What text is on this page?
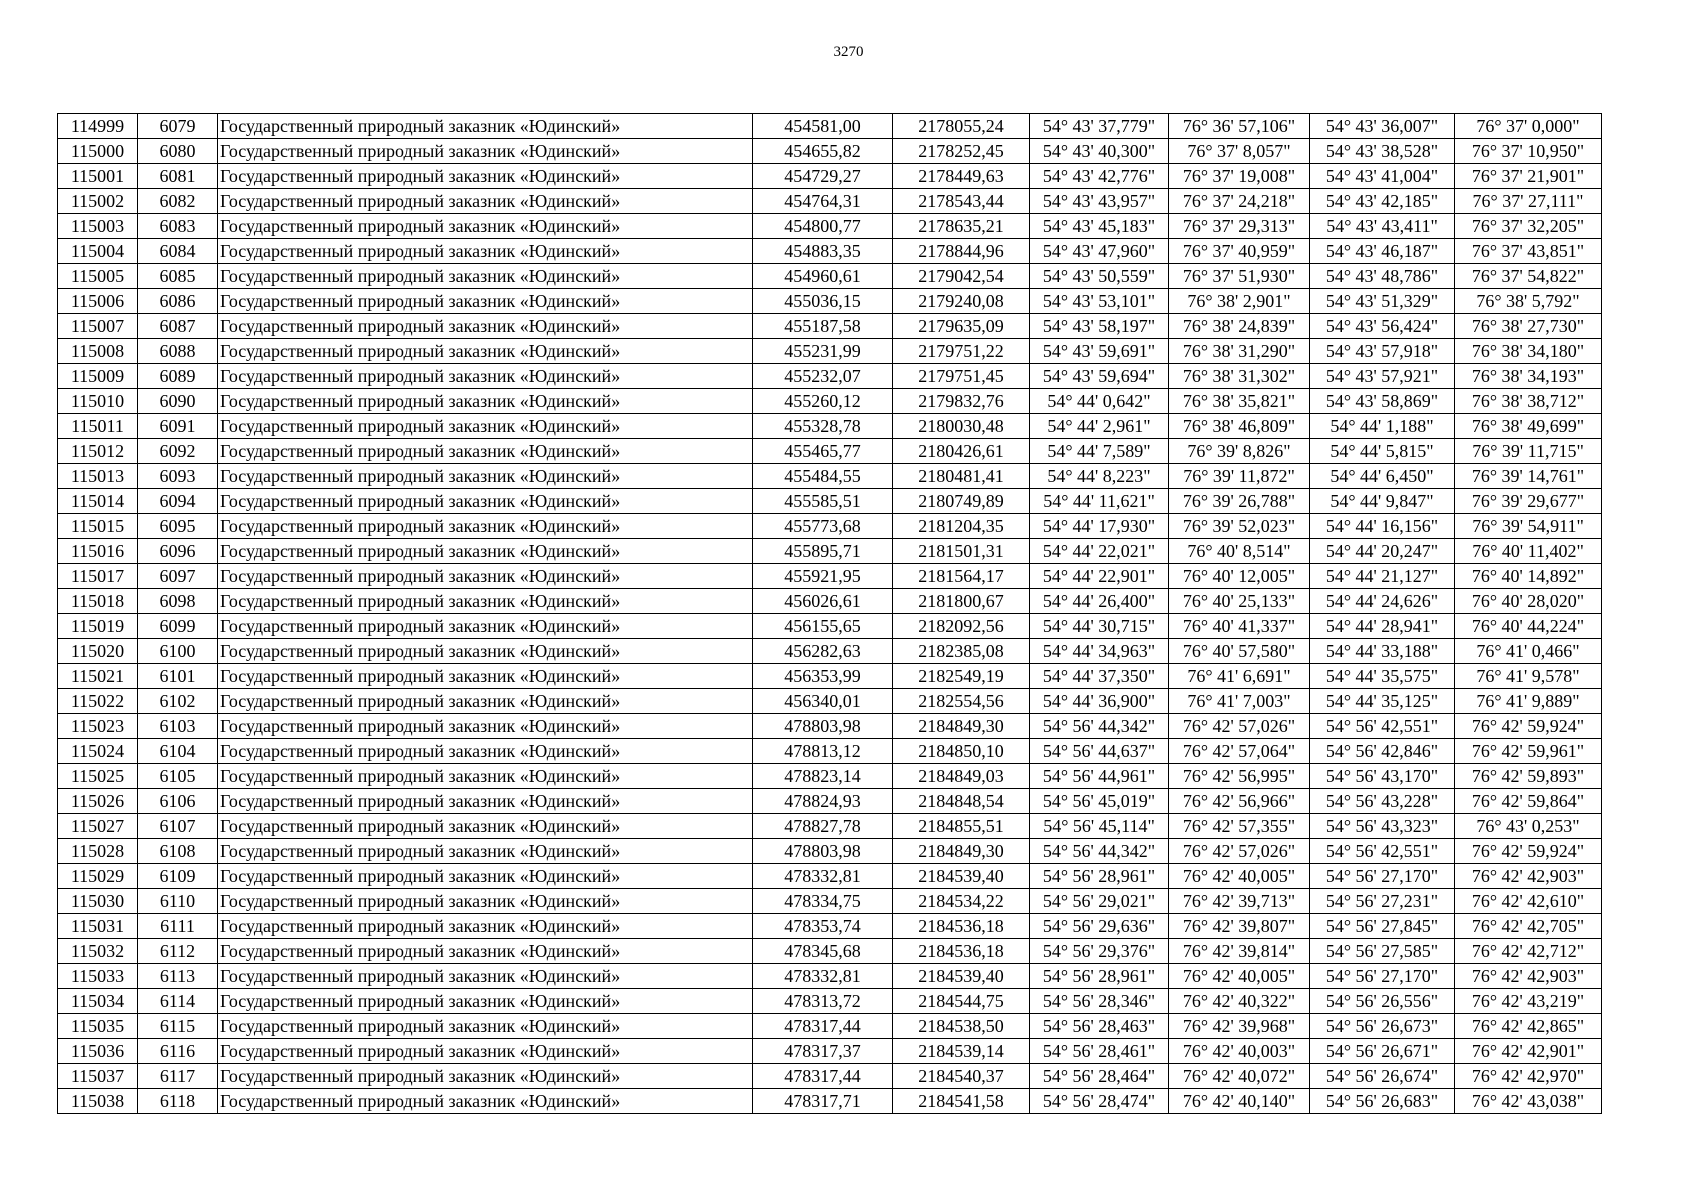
3270
114999	6079	Государственный природный заказник «Юдинский»	454581,00	2178055,24	54° 43' 37,779"	76° 36' 57,106"	54° 43' 36,007"	76° 37' 0,000"
115000	6080	Государственный природный заказник «Юдинский»	454655,82	2178252,45	54° 43' 40,300"	76° 37' 8,057"	54° 43' 38,528"	76° 37' 10,950"
115001	6081	Государственный природный заказник «Юдинский»	454729,27	2178449,63	54° 43' 42,776"	76° 37' 19,008"	54° 43' 41,004"	76° 37' 21,901"
115002	6082	Государственный природный заказник «Юдинский»	454764,31	2178543,44	54° 43' 43,957"	76° 37' 24,218"	54° 43' 42,185"	76° 37' 27,111"
115003	6083	Государственный природный заказник «Юдинский»	454800,77	2178635,21	54° 43' 45,183"	76° 37' 29,313"	54° 43' 43,411"	76° 37' 32,205"
115004	6084	Государственный природный заказник «Юдинский»	454883,35	2178844,96	54° 43' 47,960"	76° 37' 40,959"	54° 43' 46,187"	76° 37' 43,851"
115005	6085	Государственный природный заказник «Юдинский»	454960,61	2179042,54	54° 43' 50,559"	76° 37' 51,930"	54° 43' 48,786"	76° 37' 54,822"
115006	6086	Государственный природный заказник «Юдинский»	455036,15	2179240,08	54° 43' 53,101"	76° 38' 2,901"	54° 43' 51,329"	76° 38' 5,792"
115007	6087	Государственный природный заказник «Юдинский»	455187,58	2179635,09	54° 43' 58,197"	76° 38' 24,839"	54° 43' 56,424"	76° 38' 27,730"
115008	6088	Государственный природный заказник «Юдинский»	455231,99	2179751,22	54° 43' 59,691"	76° 38' 31,290"	54° 43' 57,918"	76° 38' 34,180"
115009	6089	Государственный природный заказник «Юдинский»	455232,07	2179751,45	54° 43' 59,694"	76° 38' 31,302"	54° 43' 57,921"	76° 38' 34,193"
115010	6090	Государственный природный заказник «Юдинский»	455260,12	2179832,76	54° 44' 0,642"	76° 38' 35,821"	54° 43' 58,869"	76° 38' 38,712"
115011	6091	Государственный природный заказник «Юдинский»	455328,78	2180030,48	54° 44' 2,961"	76° 38' 46,809"	54° 44' 1,188"	76° 38' 49,699"
115012	6092	Государственный природный заказник «Юдинский»	455465,77	2180426,61	54° 44' 7,589"	76° 39' 8,826"	54° 44' 5,815"	76° 39' 11,715"
115013	6093	Государственный природный заказник «Юдинский»	455484,55	2180481,41	54° 44' 8,223"	76° 39' 11,872"	54° 44' 6,450"	76° 39' 14,761"
115014	6094	Государственный природный заказник «Юдинский»	455585,51	2180749,89	54° 44' 11,621"	76° 39' 26,788"	54° 44' 9,847"	76° 39' 29,677"
115015	6095	Государственный природный заказник «Юдинский»	455773,68	2181204,35	54° 44' 17,930"	76° 39' 52,023"	54° 44' 16,156"	76° 39' 54,911"
115016	6096	Государственный природный заказник «Юдинский»	455895,71	2181501,31	54° 44' 22,021"	76° 40' 8,514"	54° 44' 20,247"	76° 40' 11,402"
115017	6097	Государственный природный заказник «Юдинский»	455921,95	2181564,17	54° 44' 22,901"	76° 40' 12,005"	54° 44' 21,127"	76° 40' 14,892"
115018	6098	Государственный природный заказник «Юдинский»	456026,61	2181800,67	54° 44' 26,400"	76° 40' 25,133"	54° 44' 24,626"	76° 40' 28,020"
115019	6099	Государственный природный заказник «Юдинский»	456155,65	2182092,56	54° 44' 30,715"	76° 40' 41,337"	54° 44' 28,941"	76° 40' 44,224"
115020	6100	Государственный природный заказник «Юдинский»	456282,63	2182385,08	54° 44' 34,963"	76° 40' 57,580"	54° 44' 33,188"	76° 41' 0,466"
115021	6101	Государственный природный заказник «Юдинский»	456353,99	2182549,19	54° 44' 37,350"	76° 41' 6,691"	54° 44' 35,575"	76° 41' 9,578"
115022	6102	Государственный природный заказник «Юдинский»	456340,01	2182554,56	54° 44' 36,900"	76° 41' 7,003"	54° 44' 35,125"	76° 41' 9,889"
115023	6103	Государственный природный заказник «Юдинский»	478803,98	2184849,30	54° 56' 44,342"	76° 42' 57,026"	54° 56' 42,551"	76° 42' 59,924"
115024	6104	Государственный природный заказник «Юдинский»	478813,12	2184850,10	54° 56' 44,637"	76° 42' 57,064"	54° 56' 42,846"	76° 42' 59,961"
115025	6105	Государственный природный заказник «Юдинский»	478823,14	2184849,03	54° 56' 44,961"	76° 42' 56,995"	54° 56' 43,170"	76° 42' 59,893"
115026	6106	Государственный природный заказник «Юдинский»	478824,93	2184848,54	54° 56' 45,019"	76° 42' 56,966"	54° 56' 43,228"	76° 42' 59,864"
115027	6107	Государственный природный заказник «Юдинский»	478827,78	2184855,51	54° 56' 45,114"	76° 42' 57,355"	54° 56' 43,323"	76° 43' 0,253"
115028	6108	Государственный природный заказник «Юдинский»	478803,98	2184849,30	54° 56' 44,342"	76° 42' 57,026"	54° 56' 42,551"	76° 42' 59,924"
115029	6109	Государственный природный заказник «Юдинский»	478332,81	2184539,40	54° 56' 28,961"	76° 42' 40,005"	54° 56' 27,170"	76° 42' 42,903"
115030	6110	Государственный природный заказник «Юдинский»	478334,75	2184534,22	54° 56' 29,021"	76° 42' 39,713"	54° 56' 27,231"	76° 42' 42,610"
115031	6111	Государственный природный заказник «Юдинский»	478353,74	2184536,18	54° 56' 29,636"	76° 42' 39,807"	54° 56' 27,845"	76° 42' 42,705"
115032	6112	Государственный природный заказник «Юдинский»	478345,68	2184536,18	54° 56' 29,376"	76° 42' 39,814"	54° 56' 27,585"	76° 42' 42,712"
115033	6113	Государственный природный заказник «Юдинский»	478332,81	2184539,40	54° 56' 28,961"	76° 42' 40,005"	54° 56' 27,170"	76° 42' 42,903"
115034	6114	Государственный природный заказник «Юдинский»	478313,72	2184544,75	54° 56' 28,346"	76° 42' 40,322"	54° 56' 26,556"	76° 42' 43,219"
115035	6115	Государственный природный заказник «Юдинский»	478317,44	2184538,50	54° 56' 28,463"	76° 42' 39,968"	54° 56' 26,673"	76° 42' 42,865"
115036	6116	Государственный природный заказник «Юдинский»	478317,37	2184539,14	54° 56' 28,461"	76° 42' 40,003"	54° 56' 26,671"	76° 42' 42,901"
115037	6117	Государственный природный заказник «Юдинский»	478317,44	2184540,37	54° 56' 28,464"	76° 42' 40,072"	54° 56' 26,674"	76° 42' 42,970"
115038	6118	Государственный природный заказник «Юдинский»	478317,71	2184541,58	54° 56' 28,474"	76° 42' 40,140"	54° 56' 26,683"	76° 42' 43,038"
